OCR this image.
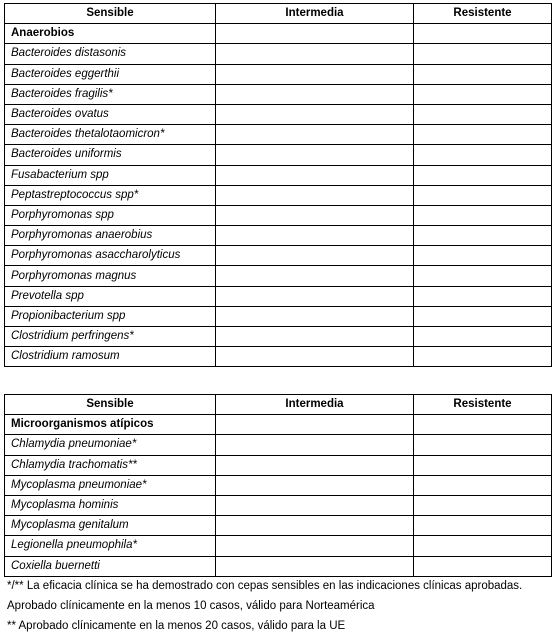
Sensible	Intermedia	Resistente
Anaerobios		
Bacteroides distasonis		
Bacteroides eggerthii		
Bacteroides fragilis*		
Bacteroides ovatus		
Bacteroides thetalotaomicron*		
Bacteroides uniformis		
Fusabacterium spp		
Peptastreptococcus spp*		
Porphyromonas spp		
Porphyromonas anaerobius		
Porphyromonas asaccharolyticus		
Porphyromonas magnus		
Prevotella spp		
Propionibacterium spp		
Clostridium perfringens*		
Clostridium ramosum		
Sensible	Intermedia	Resistente
Microorganismos atípicos		
Chlamydia pneumoniae*		
Chlamydia trachomatis**		
Mycoplasma pneumoniae*		
Mycoplasma hominis		
Mycoplasma genitalum		
Legionella pneumophila*		
Coxiella buernetti		
*/** La eficacia clínica se ha demostrado con cepas sensibles en las indicaciones clínicas aprobadas.
Aprobado clínicamente en la menos 10 casos, válido para Norteamérica
** Aprobado clínicamente en la menos 20 casos, válido para la UE
